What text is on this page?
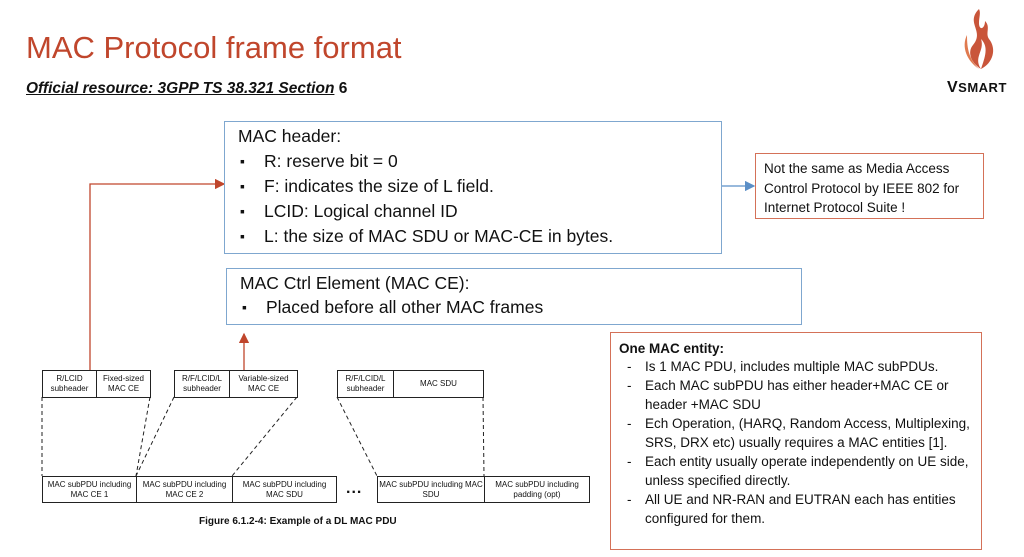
MAC Protocol frame format
Official resource: 3GPP TS 38.321 Section 6	VSMART
MAC header:
▪ R: reserve bit = 0
▪ F: indicates the size of L field.
▪ LCID: Logical channel ID
▪ L: the size of MAC SDU or MAC-CE in bytes.
MAC Ctrl Element (MAC CE):
▪ Placed before all other MAC frames
Not the same as Media Access Control Protocol by IEEE 802 for Internet Protocol Suite !
One MAC entity:
- Is 1 MAC PDU, includes multiple MAC subPDUs.
- Each MAC subPDU has either header+MAC CE or header +MAC SDU
- Ech Operation, (HARQ, Random Access, Multiplexing, SRS, DRX etc) usually requires a MAC entities [1].
- Each entity usually operate independently on UE side, unless specified directly.
- All UE and NR-RAN and EUTRAN each has entities configured for them.
R/LCID subheader
Fixed-sized MAC CE
R/F/LCID/L subheader
Variable-sized MAC CE
R/F/LCID/L subheader
MAC SDU
MAC subPDU including MAC CE 1
MAC subPDU including MAC CE 2
MAC subPDU including MAC SDU	... MAC subPDU including MAC SDU
MAC subPDU including padding (opt)
Figure 6.1.2-4: Example of a DL MAC PDU
